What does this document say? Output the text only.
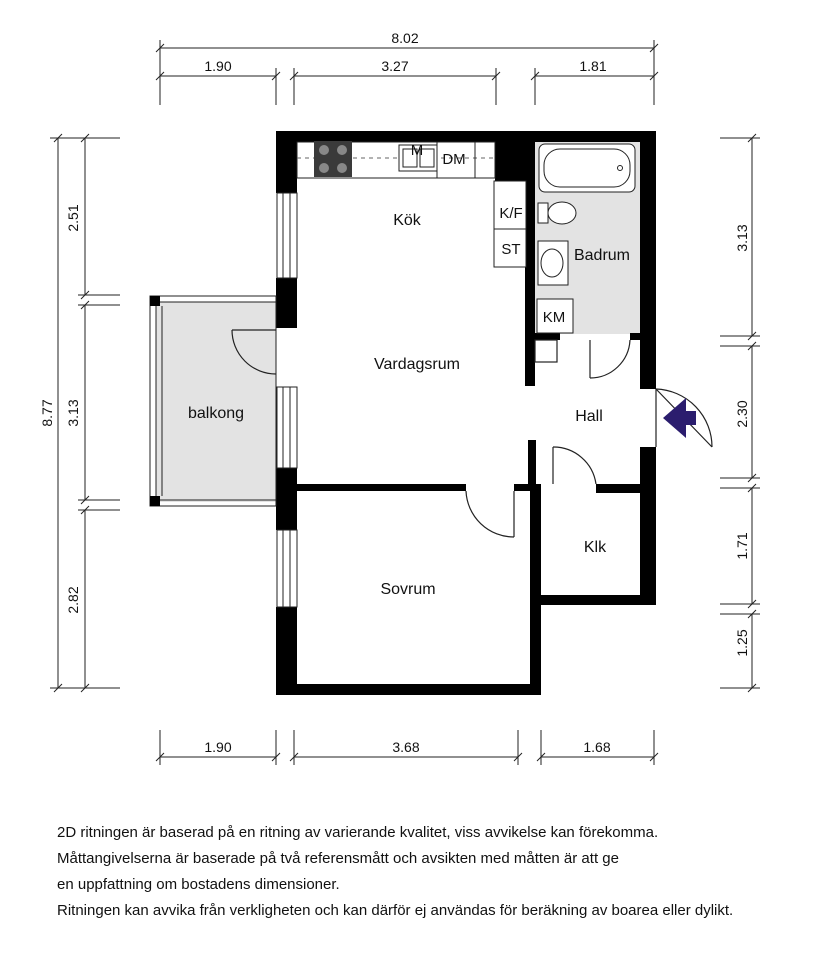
Kök
Vardagsrum
Badrum
Hall
balkong
Sovrum
Klk
DM
M
K/F
ST
KM
8.02
1.90	3.27	1.81
1.90	3.68	1.68
8.77
2.51
3.13
2.82
3.13
2.30
1.71
1.25

2D ritningen är baserad på en ritning av varierande kvalitet, viss avvikelse kan förekomma.

Måttangivelserna är baserade på två referensmått och avsikten med måtten är att ge

en uppfattning om bostadens dimensioner.

Ritningen kan avvika från verkligheten och kan därför ej användas för beräkning av boarea eller dylikt.
